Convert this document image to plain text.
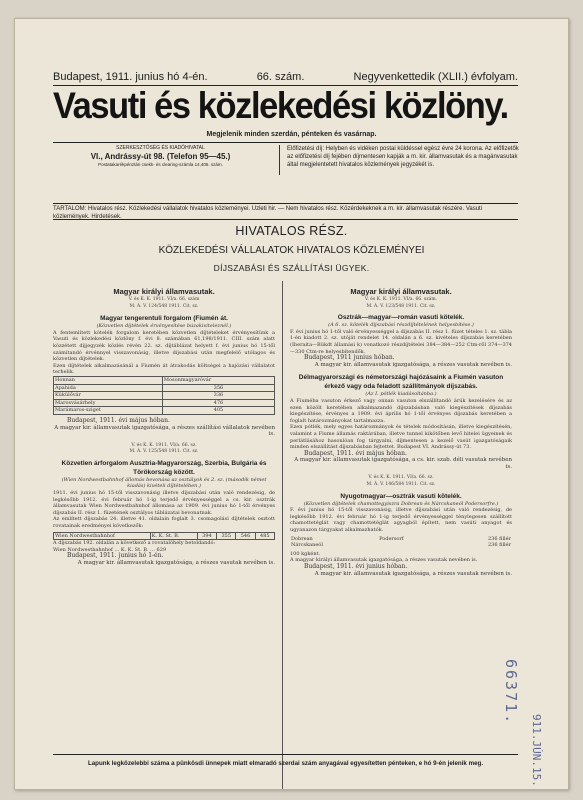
Budapest, 1911. junius hó 4-én.	66. szám.	Negyvenkettedik (XLII.) évfolyam.
Vasuti és közlekedési közlöny.
Megjelenik minden szerdán, pénteken és vasárnap.
SZERKESZTŐSÉG ÉS KIADÓHIVATAL
VI., Andrássy-út 98. (Telefon 95—45.)
Postatakarékpénztári csekk- és clearing-számla 14,405. szám.
Előfizetési díj: Helyben és vidéken postai küldéssel egész évre 24 korona. Az előfizetők az előfizetési díj fejében díjmentesen kapják a m. kir. államvasutak és a magánvasutak által megjelentetett hivatalos közlemények jegyzékét is.
TARTALOM: Hivatalos rész. Közlekedési vállalatok hivatalos közleményei. Uzleti hir. — Nem hivatalos rész. Közérdekeknek a m. kir. államvasutak részére. Vasuti közlemények. Hirdetések.
HIVATALOS RÉSZ.
KÖZLEKEDÉSI VÁLLALATOK HIVATALOS KÖZLEMÉNYEI
DÍJSZABÁSI ÉS SZÁLLÍTÁSI ÜGYEK.
Magyar királyi államvasutak.
V. és K. K. 1911. VI/a. 66. szám
M. Á. V. 124/548 1911. Cit. sz.
Magyar tengerentuli forgalom (Fiumén át.
(Közvetlen díjtételek érvényesítése búzakiviteleznél.)
A fentemlített kötelék forgalom keretében közvetlen díjtételeket érvényesítünk a Vasuti és közlekedési közlöny f. évi 8. számában 61,198/1911. CIII. szám alatt közzétett díjjegyzék közlés révén 22. sz. díjtáblázat helyett f. évi junius hó 15-től számítandó érvénnyel visszavonásig, illetve díjszabási után megfelelő utólagos és közvetlen díjtételek.
Ezen díjtételek alkalmazásánál a Fiumén át átrakodás költségei a hajózási vállalatot terhelik.
Honnan	Mosonmagyaróvár
Apahida	356
Kükülővár	336
Marosvásárhely	476
Marámaros-sziget	405
Budapest, 1911. évi május hóban.
A magyar kir. államvasutak igazgatósága, a részes szállítási vállalatok nevében is.
V. és K. K. 1911. VI/a. 66. sz.
M. Á. V. 125/548 1911. Cit. sz.
Közvetlen árforgalom Ausztria-Magyarország, Szerbia, Bulgária és Törökország között.
(Wien Nordwestbahnhof állomás bevonása az osztályok és 2. sz. (második német kiadás) kivételi díjtételében.)
1911. évi junius hó 15-től visszavonásig illetve díjszabási után való rendezésig, de legkésőbb 1912. évi február hó 1-ig terjedő érvényességgel a cs. kir. osztrák államvasutak Wien Nordwestbahnhof állomása az 1909. évi junius hó 1-től érvényes díjszabás II. rész 1. füzetének osztályos táblázatai bevonatnak.
Az említett díjszabás 24. illetve 41. oldalain foglalt 3. csomagolási díjtételek osztott rovatainak eredményei következők:
Wien Nordwestbahnhof	K. K. St. B.	394	355	546	485
A díjszabás 192. oldalán a következő a rovatalóhely betoldandó:
Wien Nordwestbahnhof ... K. K. St. B. ... 629
Budapest, 1911. junius hó 1-én.
A magyar kir. államvasutak igazgatósága, a részes vasutak nevében is.
Magyar királyi államvasutak.
V. és K. K. 1911. VI/a. 66. szám.
M. Á. V. 123/548 1911. Cit. sz.
Osztrák—magyar—román vasuti kötelék.
(A 6. sz. kötelék díjszabási részdíjtételének helyesbítése.)
F. évi junius hó 1-től való érvényességgel a díjszabás II. rész 1. füzet tételes 1. sz. tábla 1-én kiadott 2. sz. utóját rendelet 14. oldalán a 6. sz. kivételes díjszabás keretében (Iberaita—Bükdt államási k) vonatkozó részdíjtételei 384—384—252 Ctm-ről 374—374—330 Ctm-re helyesbítendők.
Budapest, 1911 junius hóban.
A magyar kir. államvasutak igazgatósága, a részes vasutak nevében is.
Délmagyarországi és németországi hajózásaink a Fiumén vasuton érkező vagy oda feladott szállítmányok díjszabás.
(Az I. pótlék kiadásoltánba.)
A Fiuméba vasuton érkező vagy onnan vasuton elszállítandó árúk kezelésére és az ezen közölt keretében alkalmazandó díjszabásban való kiegészítések díjszabás kiegészítése, érvényes a 1909. évi április hó 1-től érvényes díjszabás keretében a foglalt határozmányokat tartalmazza.
Ezen pótlék, mely egyes határozmányok és tételek módosításán, illetve kiegészítésén, valamint a Fiume államás raktárában, illetve tunnel kikötőben levő hitelei ügyeinek és perlátlásához hasonlóan fog tárgyalni, díjmentesen a kezelő vasút igazgatóságaik minden elszállítást díjszabásban fejtettet. Budapest VI. Andrássy-út 73.
Budapest, 1911. évi május hóban.
A magyar kir. államvasutak igazgatósága, a cs. kir. szab. déli vasutak nevében is.
V. és K. K. 1911. VI/a. 66. sz.
M. Á. V. 146/584 1911. Cit. sz.
Nyugotmagyar—osztrák vasuti kötelék.
(Közvetlen díjtételek chamottegyiszra Dobrean és Nárcskaneól Podersorfre.)
F. évi junius hó 15-től visszavonásig, illetve díjszabási után való rendezésig, de legkésőbb 1912. évi február hó 1-ig terjedő érvényességgel ténylegesen szállított chamottetéglát vagy chamottetéglát agyagból épített, nem vasúti anyagot és ugyanazon tárgyakat alkalmazhatók.
Dobrean	Podersorf	236 fillér
Nárcskaneól		236 fillér
100 kgként.
A magyar királyi államvasutak igazgatósága, a részes vasutak nevében is.
Budapest, 1911. évi junius hóban.
A magyar kir. államvasutak igazgatósága, a részes vasutak nevében is.
Lapunk legközelebbi száma a pünkösdi ünnepek miatt elmaradó szerdai szám anyagával egyesítetten pénteken, e hó 9-én jelenik meg.
66371.
911.JÚN.15.
